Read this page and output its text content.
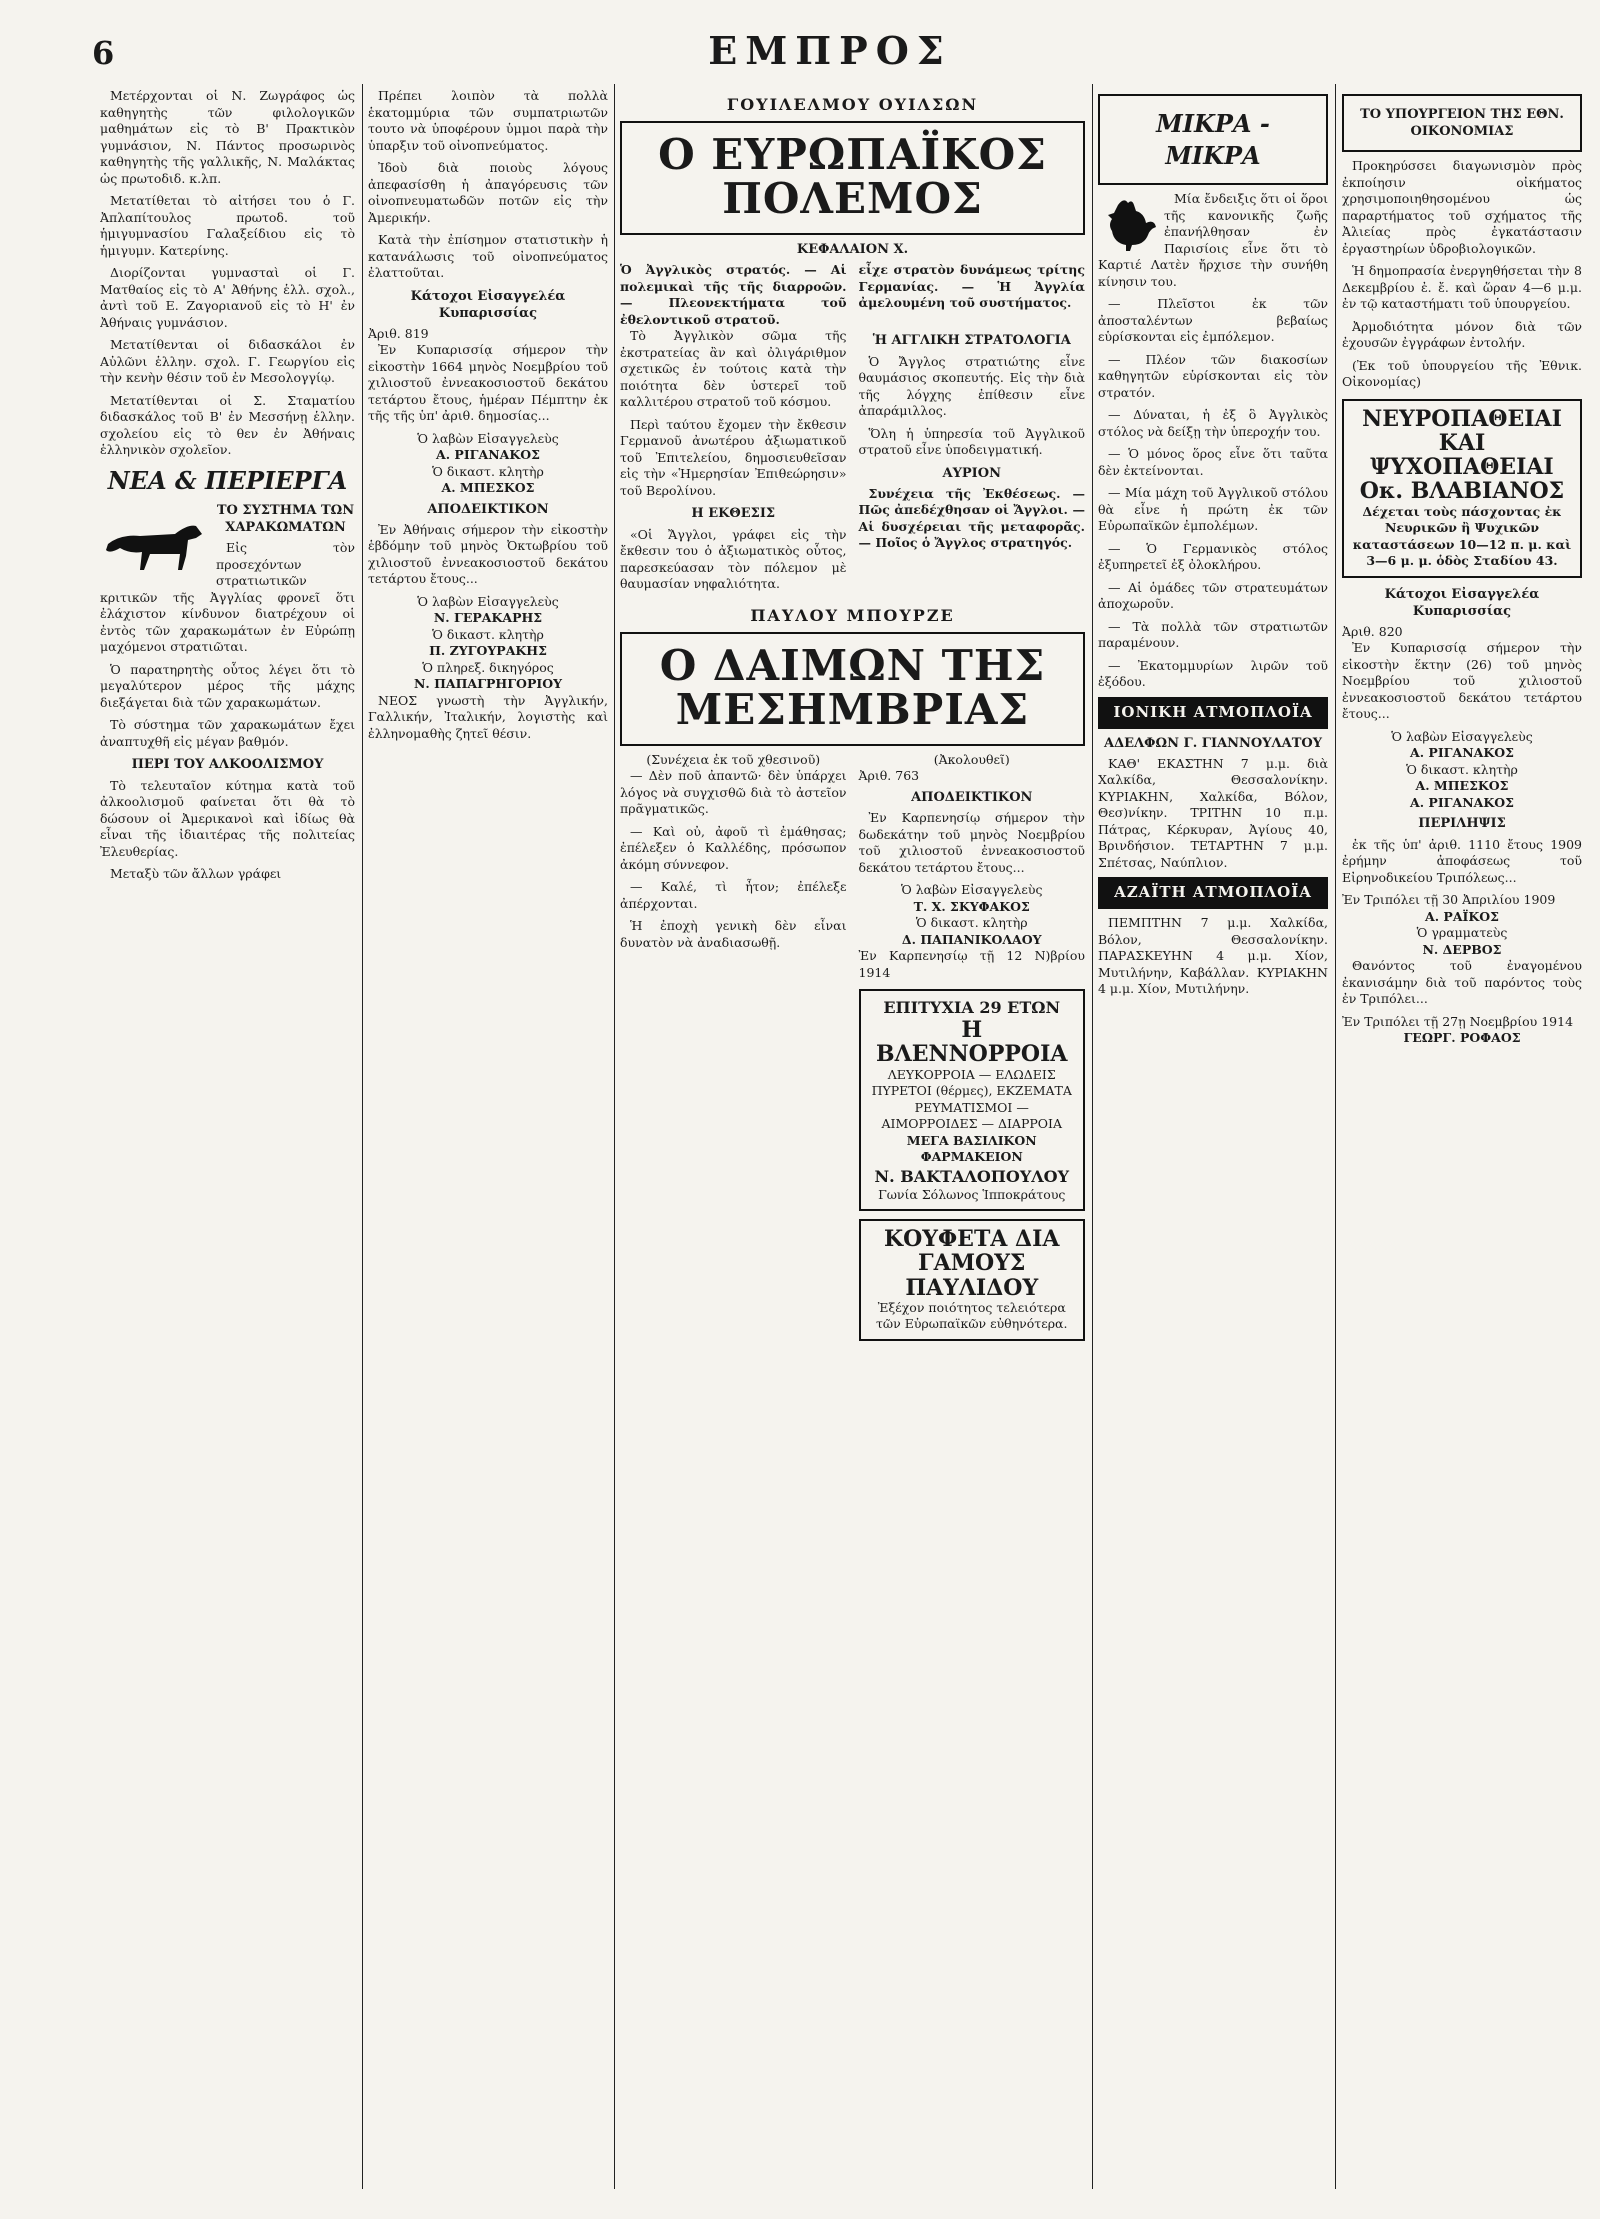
6	ΕΜΠΡΟΣ

Μετέρχονται οἱ Ν. Ζωγράφος ὡς καθηγητὴς τῶν φιλολογικῶν μαθημάτων εἰς τὸ Β' Πρακτικὸν γυμνάσιον, Ν. Πάντος προσωρινὸς καθηγητὴς τῆς γαλλικῆς, Ν. Μαλάκτας ὡς πρωτοδιδ. κ.λπ.

Μετατίθεται τὸ αἰτήσει του ὁ Γ. Ἀπλαπίτουλος πρωτοδ. τοῦ ἡμιγυμνασίου Γαλαξείδιου εἰς τὸ ἡμιγυμν. Κατερίνης.

Διορίζονται γυμνασταὶ οἱ Γ. Ματθαίος εἰς τὸ Α' Ἀθήνης ἑλλ. σχολ., ἀντὶ τοῦ Ε. Ζαγοριανοῦ εἰς τὸ Η' ἐν Ἀθήναις γυμνάσιον.

Μετατίθενται οἱ διδασκάλοι ἐν Αὐλῶνι ἑλλην. σχολ. Γ. Γεωργίου εἰς τὴν κενὴν θέσιν τοῦ ἐν Μεσολογγίῳ.

Μετατίθενται οἱ Σ. Σταματίου διδασκάλος τοῦ Β' ἐν Μεσσήνῃ ἑλλην. σχολείου εἰς τὸ θεν ἐν Ἀθήναις ἑλληνικὸν σχολεῖον.

ΝΕΑ & ΠΕΡΙΕΡΓΑ
ΤΟ ΣΥΣΤΗΜΑ ΤΩΝ ΧΑΡΑΚΩΜΑΤΩΝ

Εἰς τὸν προσεχόντων στρατιωτικῶν κριτικῶν τῆς Ἀγγλίας φρονεῖ ὅτι ἐλάχιστον κίνδυνον διατρέχουν οἱ ἐντὸς τῶν χαρακωμάτων ἐν Εὐρώπῃ μαχόμενοι στρατιῶται.

Ὁ παρατηρητὴς οὗτος λέγει ὅτι τὸ μεγαλύτερον μέρος τῆς μάχης διεξάγεται διὰ τῶν χαρακωμάτων.

Τὸ σύστημα τῶν χαρακωμάτων ἔχει ἀναπτυχθῆ εἰς μέγαν βαθμόν.

ΠΕΡΙ ΤΟΥ ΑΛΚΟΟΛΙΣΜΟΥ

Τὸ τελευταῖον κύτημα κατὰ τοῦ ἀλκοολισμοῦ φαίνεται ὅτι θὰ τὸ δώσουν οἱ Ἀμερικανοὶ καὶ ἰδίως θὰ εἶναι τῆς ἰδιαιτέρας τῆς πολιτείας Ἐλευθερίας.

Μεταξὺ τῶν ἄλλων γράφει

Πρέπει λοιπὸν τὰ πολλὰ ἑκατομμύρια τῶν συμπατριωτῶν τουτο νὰ ὑποφέρουν ὑμμοι παρὰ τὴν ὑπαρξιν τοῦ οἰνοπνεύματος.

Ἰδοὺ διὰ ποιοὺς λόγους ἀπεφασίσθη ἡ ἀπαγόρευσις τῶν οἰνοπνευματωδῶν ποτῶν εἰς τὴν Ἀμερικήν.

Κατὰ τὴν ἐπίσημον στατιστικὴν ἡ κατανάλωσις τοῦ οἰνοπνεύματος ἐλαττοῦται.

Κάτοχοι Εἰσαγγελέα Κυπαρισσίας
Ἀριθ. 819

Ἐν Κυπαρισσίᾳ σήμερον τὴν εἰκοστὴν 1664 μηνὸς Νοεμβρίου τοῦ χιλιοστοῦ ἐννεακοσιοστοῦ δεκάτου τετάρτου ἔτους, ἡμέραν Πέμπτην ἐκ τῆς τῆς ὑπ' ἀριθ. δημοσίας...

Ὁ λαβὼν Εἰσαγγελεὺς
Α. ΡΙΓΑΝΑΚΟΣ
Ὁ δικαστ. κλητὴρ
Α. ΜΠΕΣΚΟΣ
ΑΠΟΔΕΙΚΤΙΚΟΝ

Ἐν Ἀθήναις σήμερον τὴν εἰκοστὴν ἑβδόμην τοῦ μηνὸς Ὀκτωβρίου τοῦ χιλιοστοῦ ἐννεακοσιοστοῦ δεκάτου τετάρτου ἔτους...

Ὁ λαβὼν Εἰσαγγελεὺς
Ν. ΓΕΡΑΚΑΡΗΣ
Ὁ δικαστ. κλητὴρ
Π. ΖΥΓΟΥΡΑΚΗΣ
Ὁ πληρεξ. δικηγόρος
Ν. ΠΑΠΑΓΡΗΓΟΡΙΟΥ

ΝΕΟΣ γνωστὴ τὴν Ἀγγλικήν, Γαλλικήν, Ἰταλικήν, λογιστὴς καὶ ἐλληνομαθὴς ζητεῖ θέσιν.

ΓΟΥΙΛΕΛΜΟΥ ΟΥΙΛΣΩΝ
Ο ΕΥΡΩΠΑΪΚΟΣ ΠΟΛΕΜΟΣ
ΚΕΦΑΛΑΙΟΝ Χ.
Ὁ Ἀγγλικὸς στρατός. — Αἱ πολεμικαὶ τῆς τῆς διαρροῶν. — Πλεονεκτήματα τοῦ ἐθελοντικοῦ στρατοῦ.
εἶχε στρατὸν δυνάμεως τρίτης Γερμανίας. — Ἡ Ἀγγλία ἀμελουμένη τοῦ συστήματος.

Τὸ Ἀγγλικὸν σῶμα τῆς ἐκστρατείας ἂν καὶ ὀλιγάριθμον σχετικῶς ἐν τούτοις κατὰ τὴν ποιότητα δὲν ὑστερεῖ τοῦ καλλιτέρου στρατοῦ τοῦ κόσμου.

Περὶ ταύτου ἔχομεν τὴν ἔκθεσιν Γερμανοῦ ἀνωτέρου ἀξιωματικοῦ τοῦ Ἐπιτελείου, δημοσιευθεῖσαν εἰς τὴν «Ἡμερησίαν Ἐπιθεώρησιν» τοῦ Βερολίνου.

Η ΕΚΘΕΣΙΣ

«Οἱ Ἄγγλοι, γράφει εἰς τὴν ἔκθεσιν του ὁ ἀξιωματικὸς οὗτος, παρεσκεύασαν τὸν πόλεμον μὲ θαυμασίαν νηφαλιότητα.

Ἡ ΑΓΓΛΙΚΗ ΣΤΡΑΤΟΛΟΓΙΑ

Ὁ Ἄγγλος στρατιώτης εἶνε θαυμάσιος σκοπευτής. Εἰς τὴν διὰ τῆς λόγχης ἐπίθεσιν εἶνε ἀπαράμιλλος.

Ὅλη ἡ ὑπηρεσία τοῦ Ἀγγλικοῦ στρατοῦ εἶνε ὑποδειγματική.

ΑΥΡΙΟΝ

Συνέχεια τῆς Ἐκθέσεως. — Πῶς ἀπεδέχθησαν οἱ Ἄγγλοι. — Αἱ δυσχέρειαι τῆς μεταφορᾶς. — Ποῖος ὁ Ἄγγλος στρατηγός.

ΠΑΥΛΟΥ ΜΠΟΥΡΖΕ
Ο ΔΑΙΜΩΝ ΤΗΣ ΜΕΣΗΜΒΡΙΑΣ
(Συνέχεια ἐκ τοῦ χθεσινοῦ)

— Δὲν ποῦ ἀπαντῶ· δὲν ὑπάρχει λόγος νὰ συγχισθῶ διὰ τὸ ἀστεῖον πρᾶγματικῶς.

— Καὶ οὐ, ἀφοῦ τὶ ἐμάθησας; ἐπέλεξεν ὁ Καλλέδης, πρόσωπον ἀκόμη σύννεφον.

— Καλέ, τὶ ἦτον; ἐπέλεξε ἀπέρχονται.

Ἡ ἐποχὴ γενικὴ δὲν εἶναι δυνατὸν νὰ ἀναδιασωθῇ.

(Ἀκολουθεῖ)
Ἀριθ. 763
ΑΠΟΔΕΙΚΤΙΚΟΝ

Ἐν Καρπενησίῳ σήμερον τὴν δωδεκάτην τοῦ μηνὸς Νοεμβρίου τοῦ χιλιοστοῦ ἐννεακοσιοστοῦ δεκάτου τετάρτου ἔτους...

Ὁ λαβὼν Εἰσαγγελεὺς
Τ. Χ. ΣΚΥΦΑΚΟΣ
Ὁ δικαστ. κλητὴρ
Δ. ΠΑΠΑΝΙΚΟΛΑΟΥ
Ἐν Καρπενησίῳ τῇ 12 Ν)βρίου 1914
ΕΠΙΤΥΧΙΑ 29 ΕΤΩΝ
Η ΒΛΕΝΝΟΡΡΟΙΑ
ΛΕΥΚΟΡΡΟΙΑ — ΕΛΩΔΕΙΣ ΠΥΡΕΤΟΙ (θέρμες), ΕΚΖΕΜΑΤΑ ΡΕΥΜΑΤΙΣΜΟΙ — ΑΙΜΟΡΡΟΙΔΕΣ — ΔΙΑΡΡΟΙΑ
ΜΕΓΑ ΒΑΣΙΛΙΚΟΝ ΦΑΡΜΑΚΕΙΟΝ
Ν. ΒΑΚΤΑΛΟΠΟΥΛΟΥ
Γωνία Σόλωνος Ἱπποκράτους
ΚΟΥΦΕΤΑ ΔΙΑ ΓΑΜΟΥΣ
ΠΑΥΛΙΔΟΥ
Ἐξέχον ποιότητος τελειότερα τῶν Εὐρωπαϊκῶν εὐθηνότερα.
ΜΙΚΡΑ - ΜΙΚΡΑ

Μία ἔνδειξις ὅτι οἱ ὅροι τῆς κανονικῆς ζωῆς ἐπανήλθησαν ἐν Παρισίοις εἶνε ὅτι τὸ Καρτιέ Λατὲν ἤρχισε τὴν συνήθη κίνησιν του.

— Πλεῖστοι ἐκ τῶν ἀποσταλέντων βεβαίως εὑρίσκονται εἰς ἐμπόλεμον.

— Πλέον τῶν διακοσίων καθηγητῶν εὑρίσκονται εἰς τὸν στρατόν.

— Δύναται, ἡ ἐξ ὃ Ἀγγλικὸς στόλος νὰ δείξῃ τὴν ὑπεροχήν του.

— Ὁ μόνος ὅρος εἶνε ὅτι ταῦτα δὲν ἐκτείνονται.

— Μία μάχη τοῦ Ἀγγλικοῦ στόλου θὰ εἶνε ἡ πρώτη ἐκ τῶν Εὐρωπαϊκῶν ἐμπολέμων.

— Ὁ Γερμανικὸς στόλος ἐξυπηρετεῖ ἐξ ὀλοκλήρου.

— Αἱ ὁμάδες τῶν στρατευμάτων ἀποχωροῦν.

— Τὰ πολλὰ τῶν στρατιωτῶν παραμένουν.

— Ἐκατομμυρίων λιρῶν τοῦ ἐξόδου.

ΙΟΝΙΚΗ ΑΤΜΟΠΛΟΪΑ
ΑΔΕΛΦΩΝ Γ. ΓΙΑΝΝΟΥΛΑΤΟΥ

ΚΑΘ' ΕΚΑΣΤΗΝ 7 μ.μ. διὰ Χαλκίδα, Θεσσαλονίκην. ΚΥΡΙΑΚΗΝ, Χαλκίδα, Βόλον, Θεσ)νίκην. ΤΡΙΤΗΝ 10 π.μ. Πάτρας, Κέρκυραν, Ἀγίους 40, Βρινδήσιον. ΤΕΤΑΡΤΗΝ 7 μ.μ. Σπέτσας, Ναύπλιον.

ΑΖΑΪΤΗ ΑΤΜΟΠΛΟΪΑ

ΠΕΜΠΤΗΝ 7 μ.μ. Χαλκίδα, Βόλον, Θεσσαλονίκην. ΠΑΡΑΣΚΕΥΗΝ 4 μ.μ. Χίον, Μυτιλήνην, Καβάλλαν. ΚΥΡΙΑΚΗΝ 4 μ.μ. Χίον, Μυτιλήνην.

ΤΟ ΥΠΟΥΡΓΕΙΟΝ ΤΗΣ ΕΘΝ. ΟΙΚΟΝΟΜΙΑΣ

Προκηρύσσει διαγωνισμὸν πρὸς ἐκποίησιν οἰκήματος χρησιμοποιηθησομένου ὡς παραρτήματος τοῦ σχήματος τῆς Ἀλιείας πρὸς ἐγκατάστασιν ἐργαστηρίων ὑδροβιολογικῶν.

Ἡ δημοπρασία ἐνεργηθήσεται τὴν 8 Δεκεμβρίου ἐ. ἔ. καὶ ὥραν 4—6 μ.μ. ἐν τῷ καταστήματι τοῦ ὑπουργείου.

Ἀρμοδιότητα μόνον διὰ τῶν ἐχουσῶν ἐγγράφων ἐντολήν.

(Ἐκ τοῦ ὑπουργείου τῆς Ἐθνικ. Οἰκονομίας)

ΝΕΥΡΟΠΑΘΕΙΑΙ
ΚΑΙ ΨΥΧΟΠΑΘΕΙΑΙ
Οκ. ΒΛΑΒΙΑΝΟΣ
Δέχεται τοὺς πάσχοντας ἐκ Νευρικῶν ἢ Ψυχικῶν καταστάσεων 10—12 π. μ. καὶ 3—6 μ. μ. ὁδὸς Σταδίου 43.
Κάτοχοι Εἰσαγγελέα Κυπαρισσίας
Ἀριθ. 820

Ἐν Κυπαρισσίᾳ σήμερον τὴν εἰκοστὴν ἕκτην (26) τοῦ μηνὸς Νοεμβρίου τοῦ χιλιοστοῦ ἐννεακοσιοστοῦ δεκάτου τετάρτου ἔτους...

Ὁ λαβὼν Εἰσαγγελεὺς
Α. ΡΙΓΑΝΑΚΟΣ
Ὁ δικαστ. κλητὴρ
Α. ΜΠΕΣΚΟΣ
Α. ΡΙΓΑΝΑΚΟΣ
ΠΕΡΙΛΗΨΙΣ

ἐκ τῆς ὑπ' ἀριθ. 1110 ἔτους 1909 ἐρήμην ἀποφάσεως τοῦ Εἰρηνοδικείου Τριπόλεως...

Ἐν Τριπόλει τῇ 30 Ἀπριλίου 1909
Α. ΡΑΪΚΟΣ
Ὁ γραμματεὺς
Ν. ΔΕΡΒΟΣ

Θανόντος τοῦ ἐναγομένου ἐκανισάμην διὰ τοῦ παρόντος τοὺς ἐν Τριπόλει...

Ἐν Τριπόλει τῇ 27ῃ Νοεμβρίου 1914
ΓΕΩΡΓ. ΡΟΦΑΟΣ
